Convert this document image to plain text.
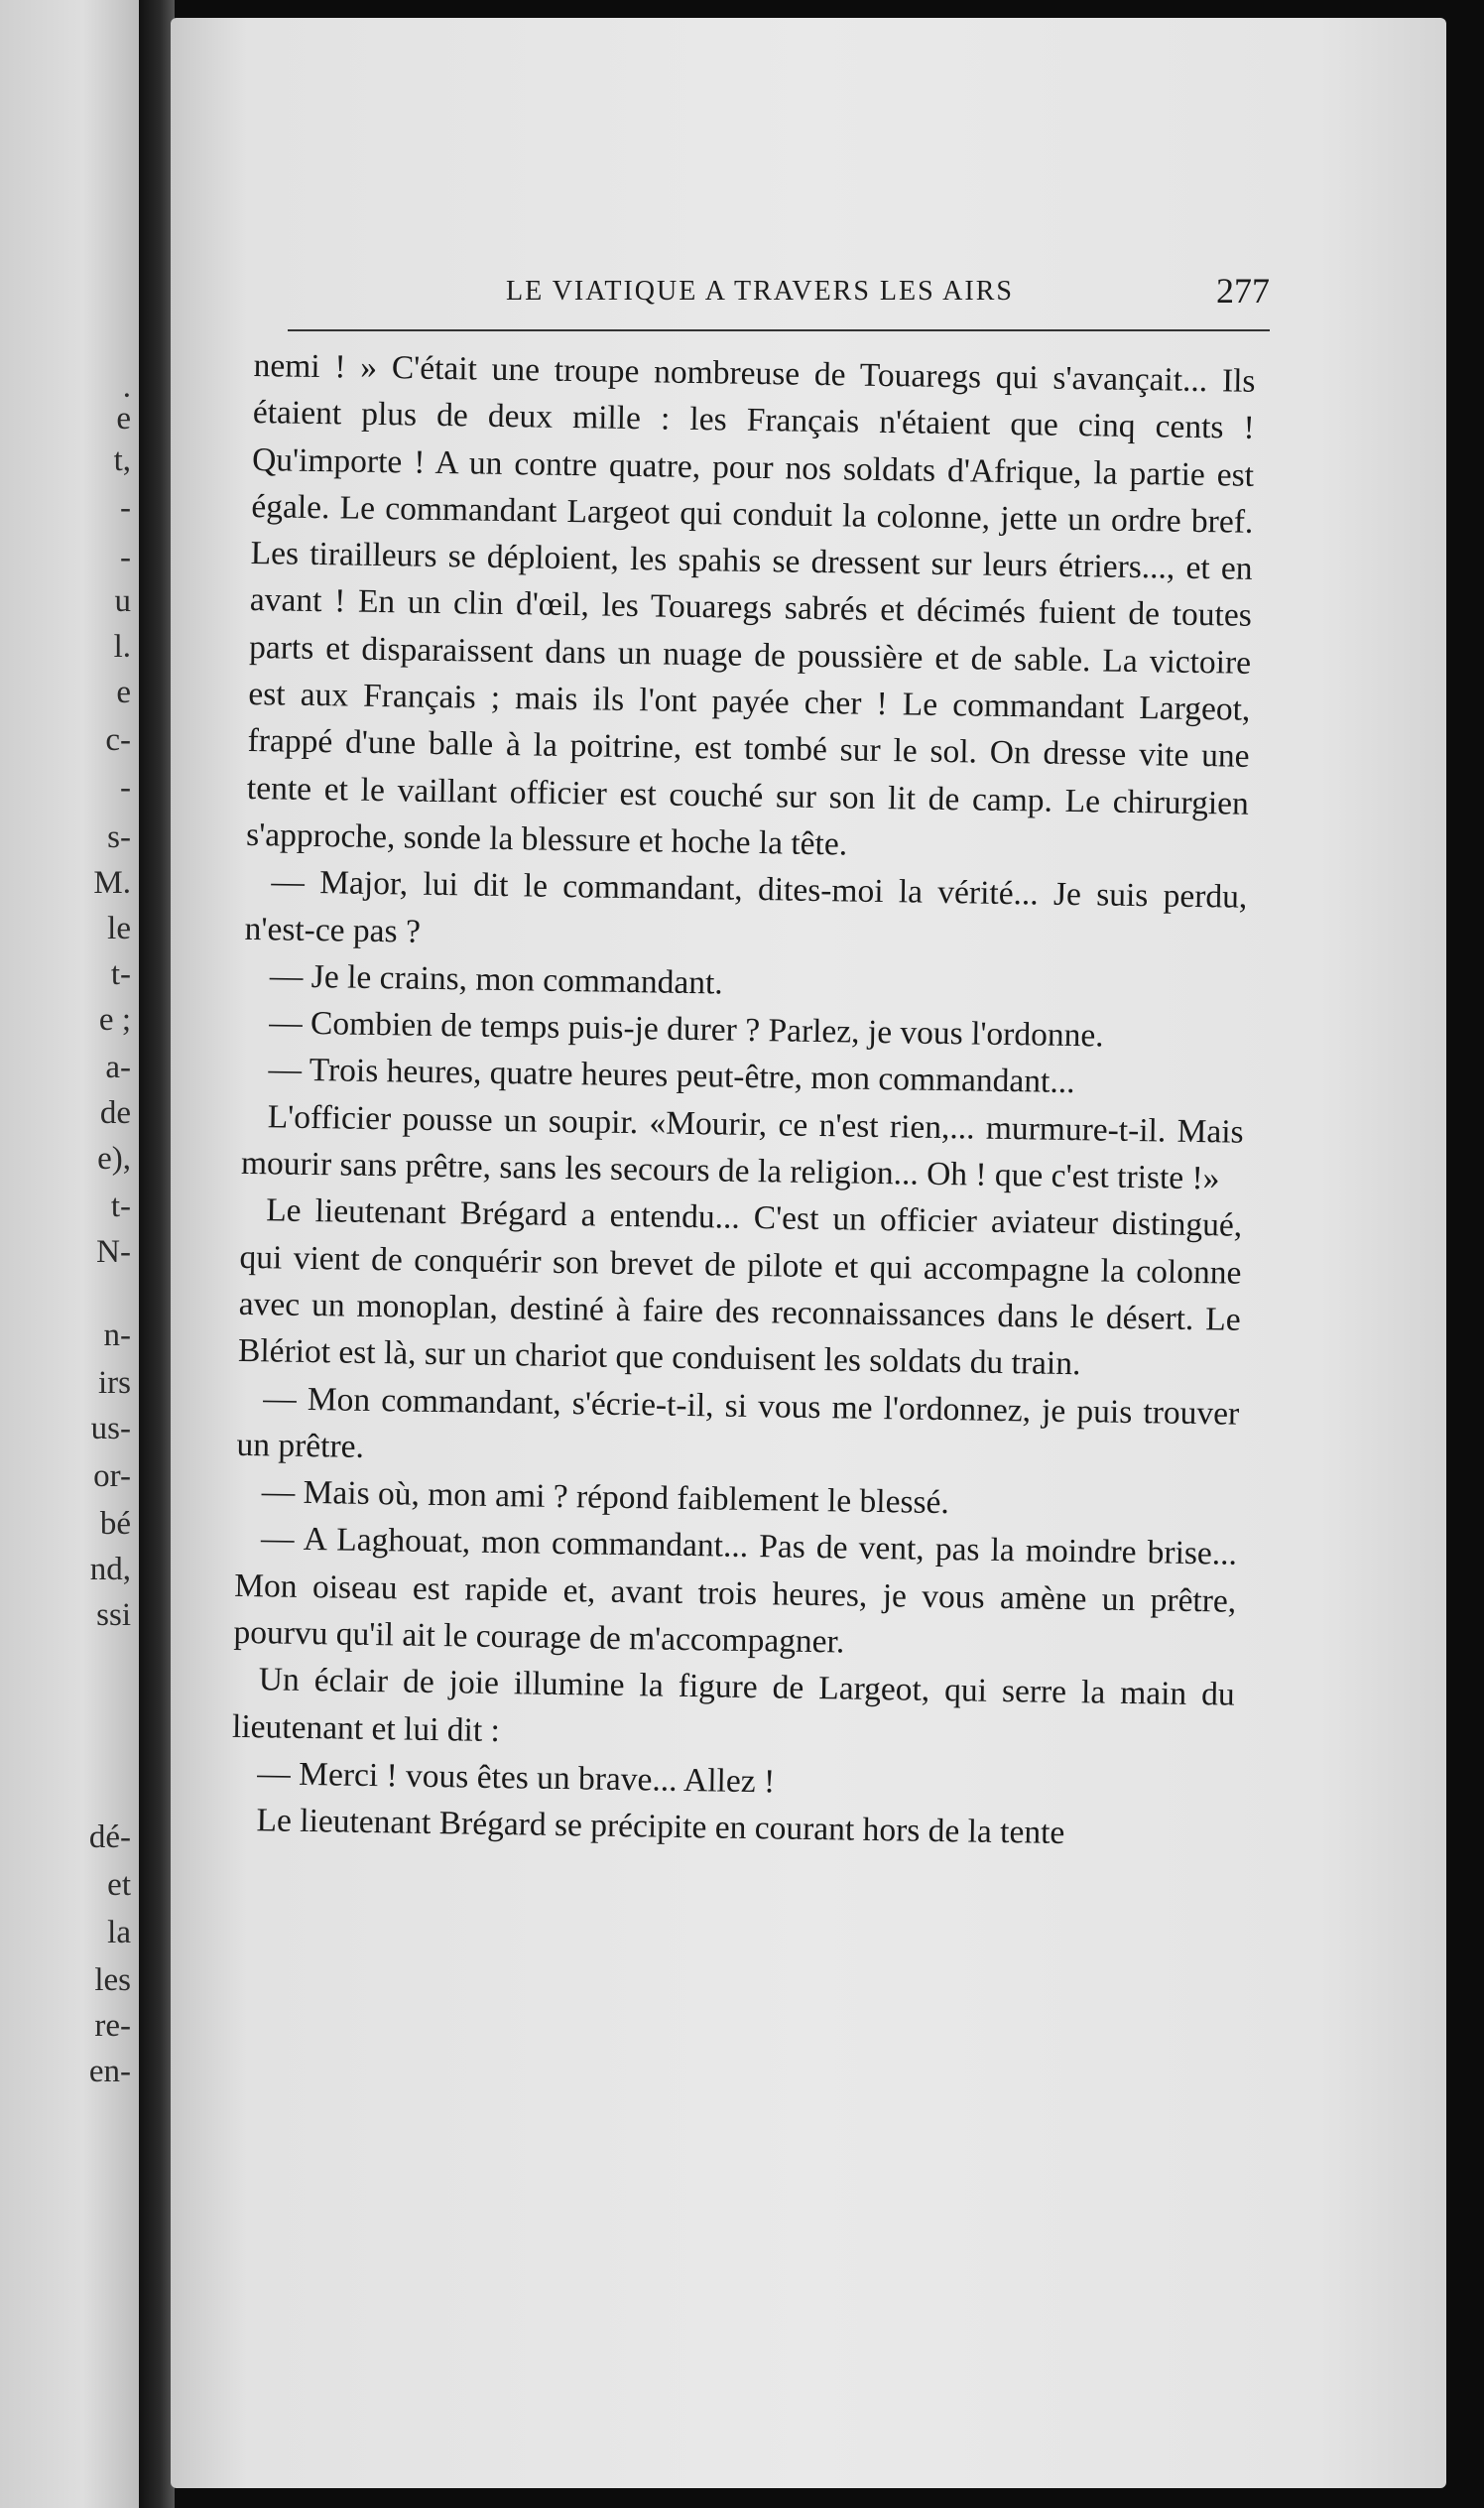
.

e

t,

-

-

u

l.

e

c-

-

s-

M.

le

t-

e ;

a-

de

e),

t-

N-

n-

irs

us-

or-

bé

nd,

ssi

dé-

et

la

les

re-

en-

LE VIATIQUE A TRAVERS LES AIRS	277

nemi ! » C'était une troupe nombreuse de Touaregs qui s'avançait... Ils étaient plus de deux mille : les Français n'étaient que cinq cents ! Qu'importe ! A un contre quatre, pour nos soldats d'Afrique, la partie est égale. Le commandant Largeot qui conduit la colonne, jette un ordre bref. Les tirailleurs se déploient, les spahis se dressent sur leurs étriers..., et en avant ! En un clin d'œil, les Touaregs sabrés et décimés fuient de toutes parts et disparaissent dans un nuage de poussière et de sable. La victoire est aux Français ; mais ils l'ont payée cher ! Le commandant Largeot, frappé d'une balle à la poitrine, est tombé sur le sol. On dresse vite une tente et le vaillant officier est couché sur son lit de camp. Le chirurgien s'approche, sonde la blessure et hoche la tête.

— Major, lui dit le commandant, dites-moi la vérité... Je suis perdu, n'est-ce pas ?

— Je le crains, mon commandant.

— Combien de temps puis-je durer ? Parlez, je vous l'ordonne.

— Trois heures, quatre heures peut-être, mon commandant...

L'officier pousse un soupir. «Mourir, ce n'est rien,... murmure-t-il. Mais mourir sans prêtre, sans les secours de la religion... Oh ! que c'est triste !»

Le lieutenant Brégard a entendu... C'est un officier aviateur distingué, qui vient de conquérir son brevet de pilote et qui accompagne la colonne avec un monoplan, destiné à faire des reconnaissances dans le désert. Le Blériot est là, sur un chariot que conduisent les soldats du train.

— Mon commandant, s'écrie-t-il, si vous me l'ordonnez, je puis trouver un prêtre.

— Mais où, mon ami ? répond faiblement le blessé.

— A Laghouat, mon commandant... Pas de vent, pas la moindre brise... Mon oiseau est rapide et, avant trois heures, je vous amène un prêtre, pourvu qu'il ait le courage de m'accompagner.

Un éclair de joie illumine la figure de Largeot, qui serre la main du lieutenant et lui dit :

— Merci ! vous êtes un brave... Allez !

Le lieutenant Brégard se précipite en courant hors de la tente
